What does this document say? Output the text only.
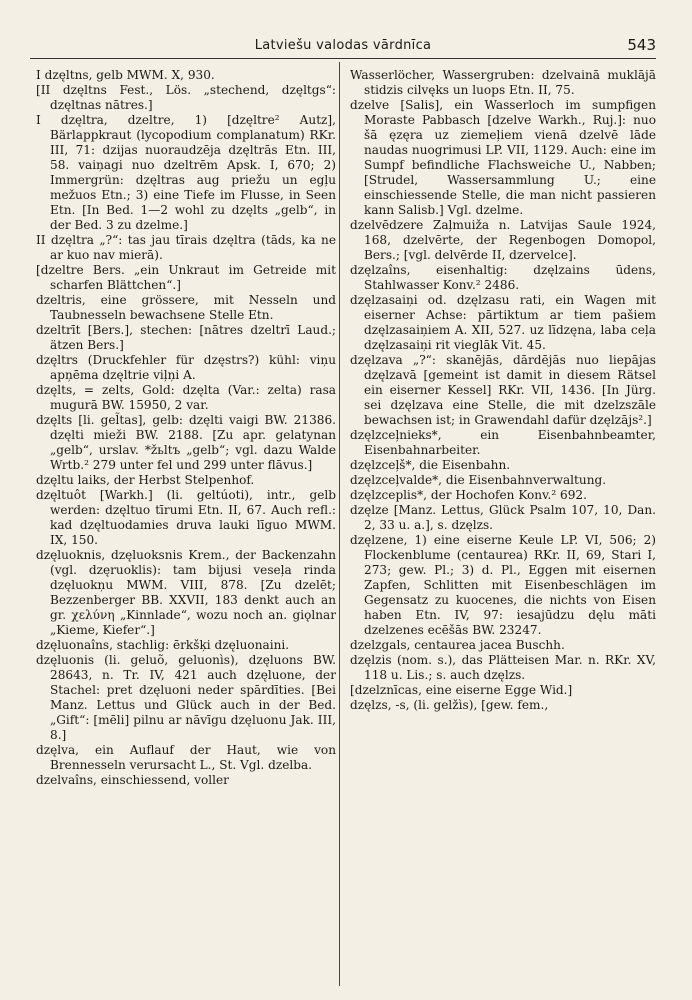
Latviešu valodas vārdnīca	543

I dzęltns, gelb MWM. X, 930.

[II dzęltns Fest., Lös. „stechend, dzęltgs“: dzęltnas nātres.]

I dzęltra, dzeltre, 1) [dzęltre² Autz], Bärlappkraut (lycopodium complanatum) RKr. III, 71: dzijas nuoraudzēja dzęltrās Etn. III, 58. vaiņagi nuo dzeltrēm Apsk. I, 670; 2) Immergrün: dzęltras aug priežu un egļu mežuos Etn.; 3) eine Tiefe im Flusse, in Seen Etn. [In Bed. 1—2 wohl zu dzęlts „gelb“, in der Bed. 3 zu dzelme.]

II dzęltra „?“: tas jau tīrais dzęltra (tāds, ka ne ar kuo nav mierā).

[dzeltre Bers. „ein Unkraut im Getreide mit scharfen Blättchen“.]

dzeltris, eine grössere, mit Nesseln und Taubnesseln bewachsene Stelle Etn.

dzeltrīt [Bers.], stechen: [nātres dzeltrī Laud.; ätzen Bers.]

dzęltrs (Druckfehler für dzęstrs?) kühl: viņu apņēma dzęltrie viļņi A.

dzęlts, = zelts, Gold: dzęlta (Var.: zelta) rasa mugurā BW. 15950, 2 var.

dzęlts [li. gel̃tas], gelb: dzęlti vaigi BW. 21386. dzęlti mieži BW. 2188. [Zu apr. gelatynan „gelb“, urslav. *žьltъ „gelb“; vgl. dazu Walde Wrtb.² 279 unter fel und 299 unter flāvus.]

dzęltu laiks, der Herbst Stelpenhof.

dzęltuôt [Warkh.] (li. geltúoti), intr., gelb werden: dzęltuo tīrumi Etn. II, 67. Auch refl.: kad dzęltuodamies druva lauki līguo MWM. IX, 150.

dzęluoknis, dzęluoksnis Krem., der Backenzahn (vgl. dzęruoklis): tam bijusi veseļa rinda dzęluokņu MWM. VIII, 878. [Zu dzelēt; Bezzenberger BB. XXVII, 183 denkt auch an gr. χελύνη „Kinnlade“, wozu noch an. giǫlnar „Kieme, Kiefer“.]

dzęluonaîns, stachlig: ērkšķi dzęluonaini.

dzęluonis (li. geluõ, geluonìs), dzęluons BW. 28643, n. Tr. IV, 421 auch dzęluone, der Stachel: pret dzęluoni neder spārdīties. [Bei Manz. Lettus und Glück auch in der Bed. „Gift“: [mēli] pilnu ar nāvīgu dzęluonu Jak. III, 8.]

dzęlva, ein Auflauf der Haut, wie von Brennesseln verursacht L., St. Vgl. dzelba.

dzelvaîns, einschiessend, voller

Wasserlöcher, Wassergruben: dzelvainā muklājā stidzis cilvęks un luops Etn. II, 75.

dzelve [Salis], ein Wasserloch im sumpfigen Moraste Pabbasch [dzelve Warkh., Ruj.]: nuo šā ęzęra uz ziemeļiem vienā dzelvē lāde naudas nuogrimusi LP. VII, 1129. Auch: eine im Sumpf befindliche Flachsweiche U., Nabben; [Strudel, Wassersammlung U.; eine einschiessende Stelle, die man nicht passieren kann Salisb.] Vgl. dzelme.

dzelvēdzere Zaļmuiža n. Latvijas Saule 1924, 168, dzelvērte, der Regenbogen Domopol, Bers.; [vgl. delvērde II, dzervelce].

dzęlzaîns, eisenhaltig: dzęlzains ūdens, Stahlwasser Konv.² 2486.

dzęlzasaiņi od. dzęlzasu rati, ein Wagen mit eiserner Achse: pārtiktum ar tiem pašiem dzęlzasaiņiem A. XII, 527. uz līdzęna, laba ceļa dzęlzasaiņi rit vieglāk Vit. 45.

dzęlzava „?“: skanējās, dārdējās nuo liepājas dzęlzavā [gemeint ist damit in diesem Rätsel ein eiserner Kessel] RKr. VII, 1436. [In Jürg. sei dzęlzava eine Stelle, die mit dzelzszāle bewachsen ist; in Grawendahl dafür dzęlzājs².]

dzęlzceļnieks*, ein Eisenbahnbeamter, Eisenbahnarbeiter.

dzęlzceļš*, die Eisenbahn.

dzęlzceļvalde*, die Eisenbahnverwaltung.

dzęlzceplis*, der Hochofen Konv.² 692.

dzęlze [Manz. Lettus, Glück Psalm 107, 10, Dan. 2, 33 u. a.], s. dzęlzs.

dzęlzene, 1) eine eiserne Keule LP. VI, 506; 2) Flockenblume (centaurea) RKr. II, 69, Stari I, 273; gew. Pl.; 3) d. Pl., Eggen mit eisernen Zapfen, Schlitten mit Eisenbeschlägen im Gegensatz zu kuocenes, die nichts von Eisen haben Etn. IV, 97: iesajūdzu dęlu māti dzelzenes ecēšās BW. 23247.

dzelzgals, centaurea jacea Buschh.

dzęlzis (nom. s.), das Plätteisen Mar. n. RKr. XV, 118 u. Lis.; s. auch dzęlzs.

[dzelznīcas, eine eiserne Egge Wid.]

dzęlzs, -s, (li. gelžìs), [gew. fem.,
